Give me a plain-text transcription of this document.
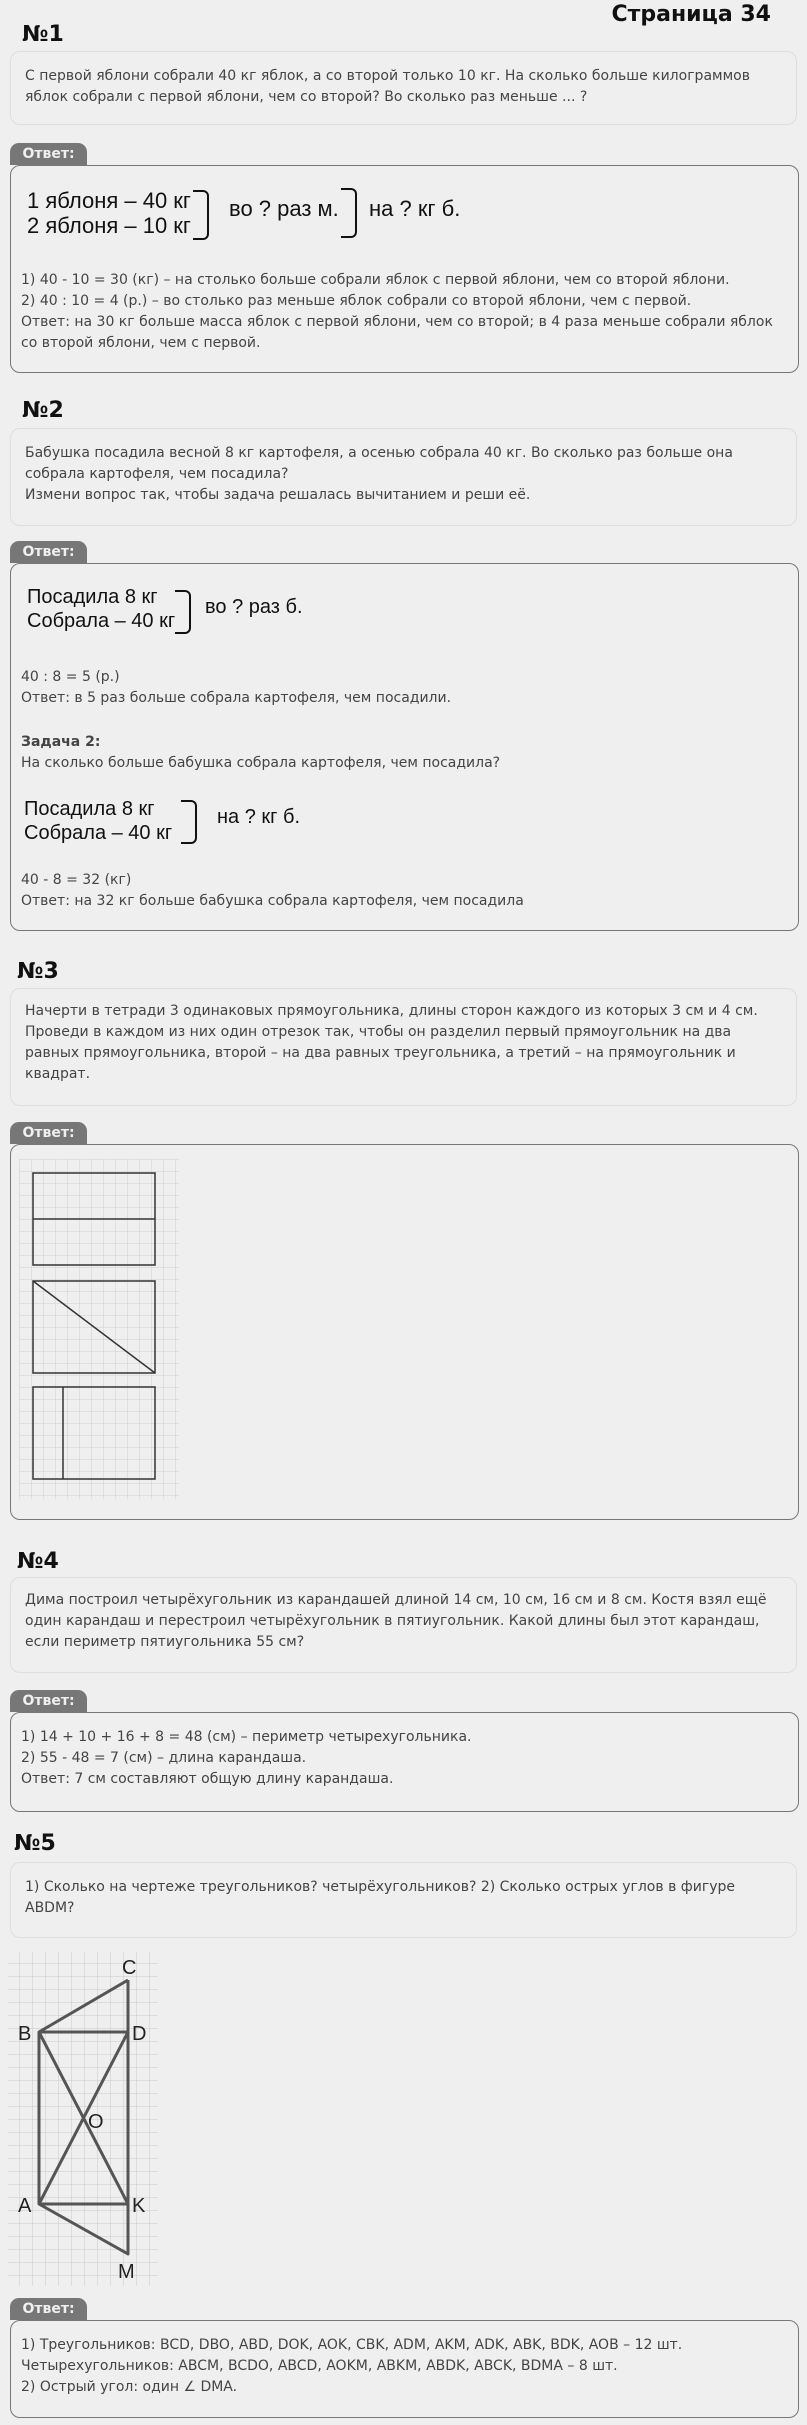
Страница 34
№1
С первой яблони собрали 40 кг яблок, а со второй только 10 кг. На сколько больше килограммов яблок собрали с первой яблони, чем со второй? Во сколько раз меньше ... ?
Ответ:
1 яблоня – 40 кг
2 яблоня – 10 кг
во ? раз м. на ? кг б.
1) 40 - 10 = 30 (кг) – на столько больше собрали яблок с первой яблони, чем со второй яблони.
2) 40 : 10 = 4 (р.) – во столько раз меньше яблок собрали со второй яблони, чем с первой.
Ответ: на 30 кг больше масса яблок с первой яблони, чем со второй; в 4 раза меньше собрали яблок со второй яблони, чем с первой.
№2
Бабушка посадила весной 8 кг картофеля, а осенью собрала 40 кг. Во сколько раз больше она собрала картофеля, чем посадила?
Измени вопрос так, чтобы задача решалась вычитанием и реши её.
Ответ:
Посадила 8 кг
Собрала – 40 кг
во ? раз б.
40 : 8 = 5 (р.)
Ответ: в 5 раз больше собрала картофеля, чем посадили.
Задача 2:
На сколько больше бабушка собрала картофеля, чем посадила?
Посадила 8 кг
Собрала – 40 кг
на ? кг б.
40 - 8 = 32 (кг)
Ответ: на 32 кг больше бабушка собрала картофеля, чем посадила
№3
Начерти в тетради 3 одинаковых прямоугольника, длины сторон каждого из которых 3 см и 4 см. Проведи в каждом из них один отрезок так, чтобы он разделил первый прямоугольник на два равных прямоугольника, второй – на два равных треугольника, а третий – на прямоугольник и квадрат.
Ответ:
№4
Дима построил четырёхугольник из карандашей длиной 14 см, 10 см, 16 см и 8 см. Костя взял ещё один карандаш и перестроил четырёхугольник в пятиугольник. Какой длины был этот карандаш, если периметр пятиугольника 55 см?
Ответ:
1) 14 + 10 + 16 + 8 = 48 (см) – периметр четырехугольника.
2) 55 - 48 = 7 (см) – длина карандаша.
Ответ: 7 см составляют общую длину карандаша.
№5
1) Сколько на чертеже треугольников? четырёхугольников? 2) Сколько острых углов в фигуре ABDM?
C
B	D
O
A	K
M
Ответ:
1) Треугольников: BCD, DBO, ABD, DOK, AOK, CBK, ADM, AKM, ADK, ABK, BDK, AOB – 12 шт.
Четырехугольников: ABCM, BCDO, ABCD, AOKM, ABKM, ABDK, ABCK, BDMA – 8 шт.
2) Острый угол: один ∠ DMA.
